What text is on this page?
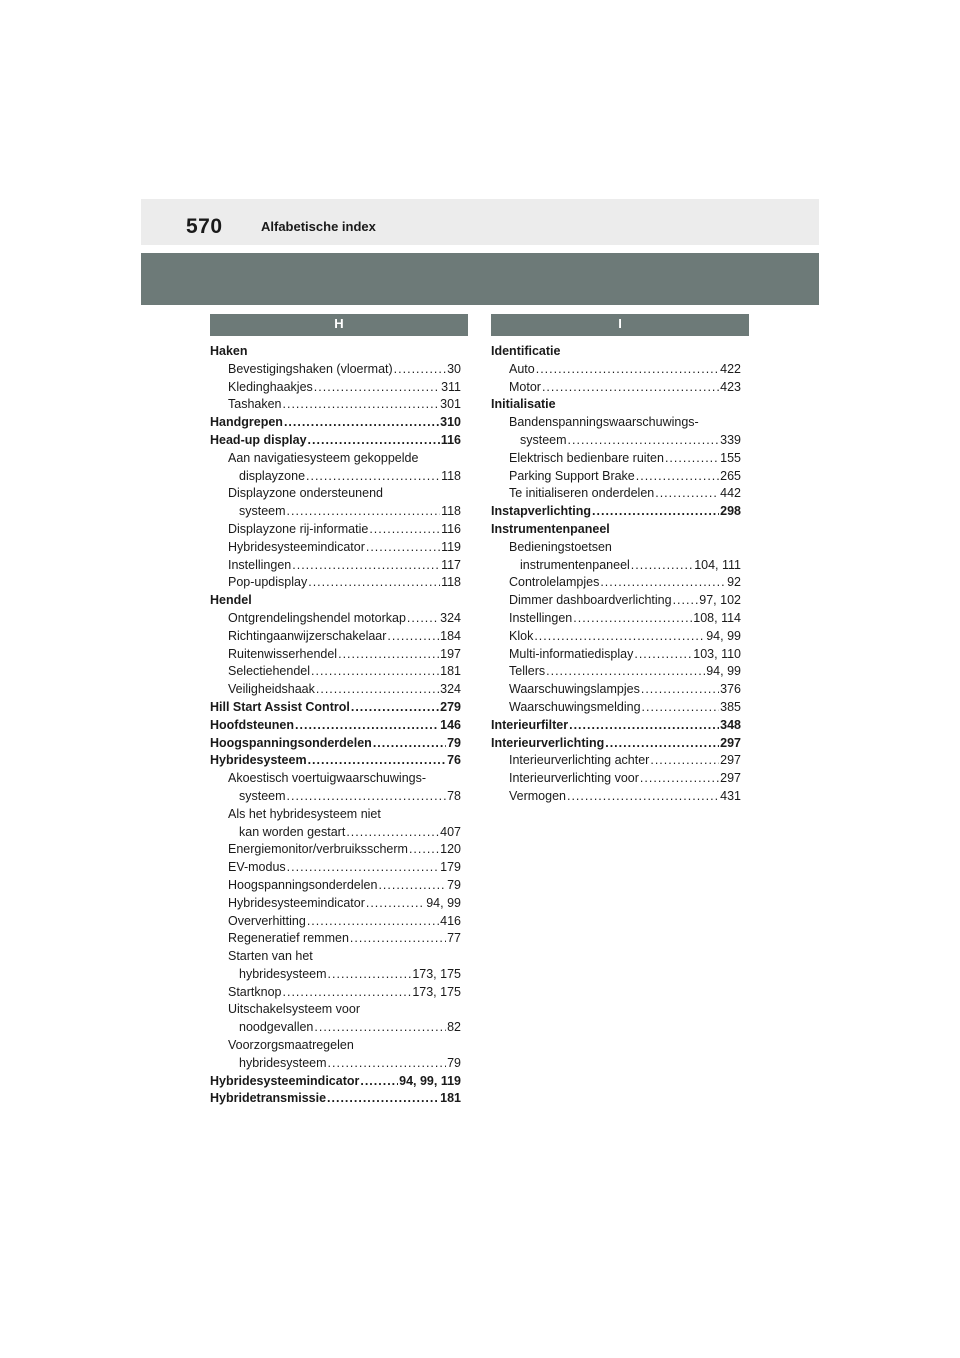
570	Alfabetische index
H
Haken
Bevestigingshaken (vloermat) .....	30
Kledinghaakjes .....	311
Tashaken .....	301
Handgrepen .....	310
Head-up display .....	116
Aan navigatiesysteem gekoppelde
displayzone .....	118
Displayzone ondersteunend
systeem .....	118
Displayzone rij-informatie .....	116
Hybridesysteemindicator .....	119
Instellingen .....	117
Pop-updisplay .....	118
Hendel
Ontgrendelingshendel motorkap .....	324
Richtingaanwijzerschakelaar .....	184
Ruitenwisserhendel .....	197
Selectiehendel .....	181
Veiligheidshaak .....	324
Hill Start Assist Control .....	279
Hoofdsteunen .....	146
Hoogspanningsonderdelen .....	79
Hybridesysteem .....	76
Akoestisch voertuigwaarschuwings-
systeem .....	78
Als het hybridesysteem niet
kan worden gestart .....	407
Energiemonitor/verbruiksscherm .....	120
EV-modus .....	179
Hoogspanningsonderdelen .....	79
Hybridesysteemindicator .....	94, 99
Oververhitting .....	416
Regeneratief remmen .....	77
Starten van het
hybridesysteem .....	173, 175
Startknop .....	173, 175
Uitschakelsysteem voor
noodgevallen .....	82
Voorzorgsmaatregelen
hybridesysteem .....	79
Hybridesysteemindicator .....	94, 99, 119
Hybridetransmissie .....	181
I
Identificatie
Auto .....	422
Motor .....	423
Initialisatie
Bandenspanningswaarschuwings-
systeem .....	339
Elektrisch bedienbare ruiten .....	155
Parking Support Brake .....	265
Te initialiseren onderdelen .....	442
Instapverlichting .....	298
Instrumentenpaneel
Bedieningstoetsen
instrumentenpaneel .....	104, 111
Controlelampjes .....	92
Dimmer dashboardverlichting ..... 97, 102
Instellingen .....	108, 114
Klok .....	94, 99
Multi-informatiedisplay .....	103, 110
Tellers .....	94, 99
Waarschuwingslampjes .....	376
Waarschuwingsmelding .....	385
Interieurfilter .....	348
Interieurverlichting .....	297
Interieurverlichting achter .....	297
Interieurverlichting voor .....	297
Vermogen .....	431
